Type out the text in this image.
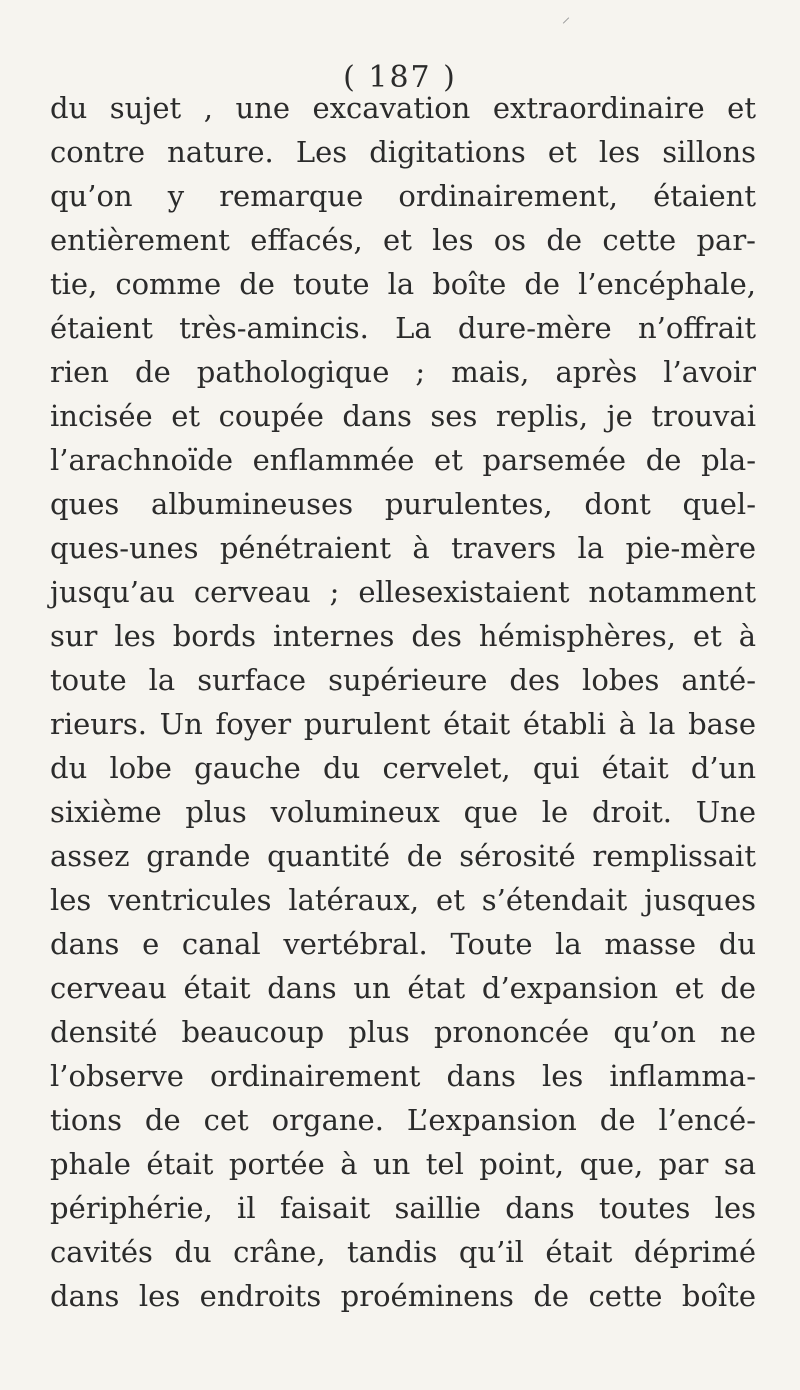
( 187 )
du sujet , une excavation extraordinaire et
contre nature. Les digitations et les sillons
qu’on y remarque ordinairement, étaient
entièrement effacés, et les os de cette par-
tie, comme de toute la boîte de l’encéphale,
étaient très-amincis. La dure-mère n’offrait
rien de pathologique ; mais, après l’avoir
incisée et coupée dans ses replis, je trouvai
l’arachnoïde enflammée et parsemée de pla-
ques albumineuses purulentes, dont quel-
ques-unes pénétraient à travers la pie-mère
jusqu’au cerveau ; ellesexistaient notamment
sur les bords internes des hémisphères, et à
toute la surface supérieure des lobes anté-
rieurs. Un foyer purulent était établi à la base
du lobe gauche du cervelet, qui était d’un
sixième plus volumineux que le droit. Une
assez grande quantité de sérosité remplissait
les ventricules latéraux, et s’étendait jusques
dans e canal vertébral. Toute la masse du
cerveau était dans un état d’expansion et de
densité beaucoup plus prononcée qu’on ne
l’observe ordinairement dans les inflamma-
tions de cet organe. L’expansion de l’encé-
phale était portée à un tel point, que, par sa
périphérie, il faisait saillie dans toutes les
cavités du crâne, tandis qu’il était déprimé
dans les endroits proéminens de cette boîte
